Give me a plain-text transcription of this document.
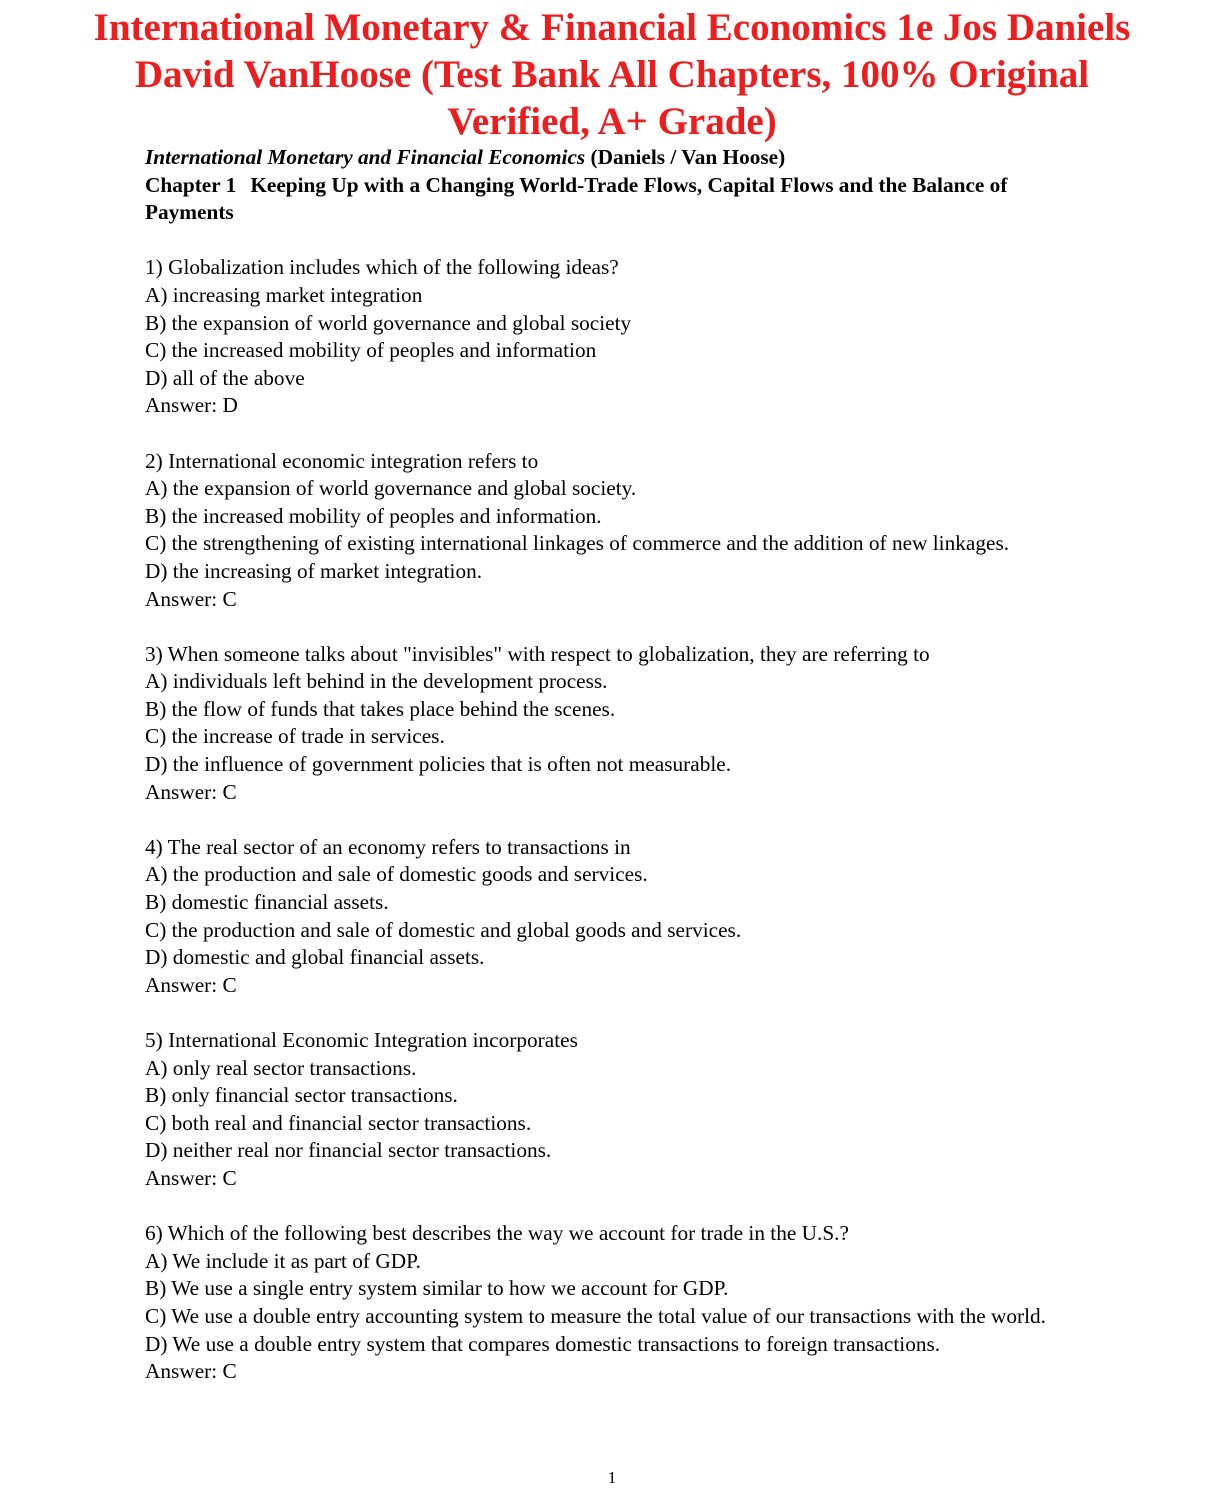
International Monetary & Financial Economics 1e Jos Daniels David VanHoose (Test Bank All Chapters, 100% Original Verified, A+ Grade)

International Monetary and Financial Economics (Daniels / Van Hoose)

Chapter 1 Keeping Up with a Changing World-Trade Flows, Capital Flows and the Balance of Payments

1) Globalization includes which of the following ideas?

A) increasing market integration

B) the expansion of world governance and global society

C) the increased mobility of peoples and information

D) all of the above

Answer: D

2) International economic integration refers to

A) the expansion of world governance and global society.

B) the increased mobility of peoples and information.

C) the strengthening of existing international linkages of commerce and the addition of new linkages.

D) the increasing of market integration.

Answer: C

3) When someone talks about "invisibles" with respect to globalization, they are referring to

A) individuals left behind in the development process.

B) the flow of funds that takes place behind the scenes.

C) the increase of trade in services.

D) the influence of government policies that is often not measurable.

Answer: C

4) The real sector of an economy refers to transactions in

A) the production and sale of domestic goods and services.

B) domestic financial assets.

C) the production and sale of domestic and global goods and services.

D) domestic and global financial assets.

Answer: C

5) International Economic Integration incorporates

A) only real sector transactions.

B) only financial sector transactions.

C) both real and financial sector transactions.

D) neither real nor financial sector transactions.

Answer: C

6) Which of the following best describes the way we account for trade in the U.S.?

A) We include it as part of GDP.

B) We use a single entry system similar to how we account for GDP.

C) We use a double entry accounting system to measure the total value of our transactions with the world.

D) We use a double entry system that compares domestic transactions to foreign transactions.

Answer: C

1
